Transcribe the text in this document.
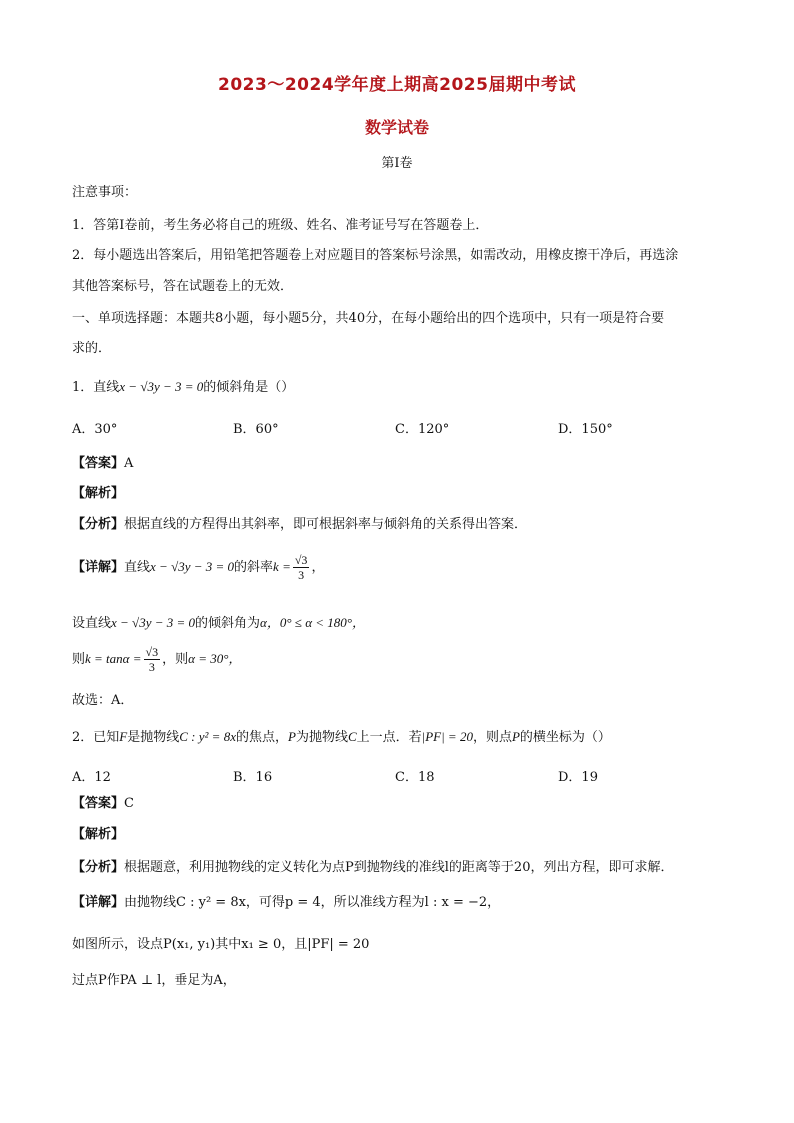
2023～2024学年度上期高2025届期中考试
数学试卷
第I卷
注意事项：
1．答第I卷前，考生务必将自己的班级、姓名、准考证号写在答题卷上．
2．每小题选出答案后，用铅笔把答题卷上对应题目的答案标号涂黑，如需改动，用橡皮擦干净后，再选涂
其他答案标号，答在试题卷上的无效．
一、单项选择题：本题共8小题，每小题5分，共40分，在每小题给出的四个选项中，只有一项是符合要
求的．
1．直线x − √3y − 3 = 0的倾斜角是（）
A．30°	B．60°	C．120°	D．150°
【答案】A
【解析】
【分析】根据直线的方程得出其斜率，即可根据斜率与倾斜角的关系得出答案．
【详解】直线x − √3y − 3 = 0的斜率$k = \frac{√3}{3}$ ，
设直线x − √3y − 3 = 0的倾斜角为α，0° ≤ α < 180°，
则$k = \tan\alpha = \frac{√3}{3}$ ，则α = 30°，
故选：A．
2．已知F是抛物线C : y² = 8x的焦点，P为抛物线C上一点．若|PF| = 20，则点P的横坐标为（）
A．12	B．16	C．18	D．19
【答案】C
【解析】
【分析】根据题意，利用抛物线的定义转化为点P到抛物线的准线l的距离等于20，列出方程，即可求解．
【详解】由抛物线C : y² = 8x，可得p = 4，所以准线方程为l : x = −2，
如图所示，设点P(x₁, y₁)其中x₁ ≥ 0，且|PF| = 20
过点P作PA ⊥ l，垂足为A，
